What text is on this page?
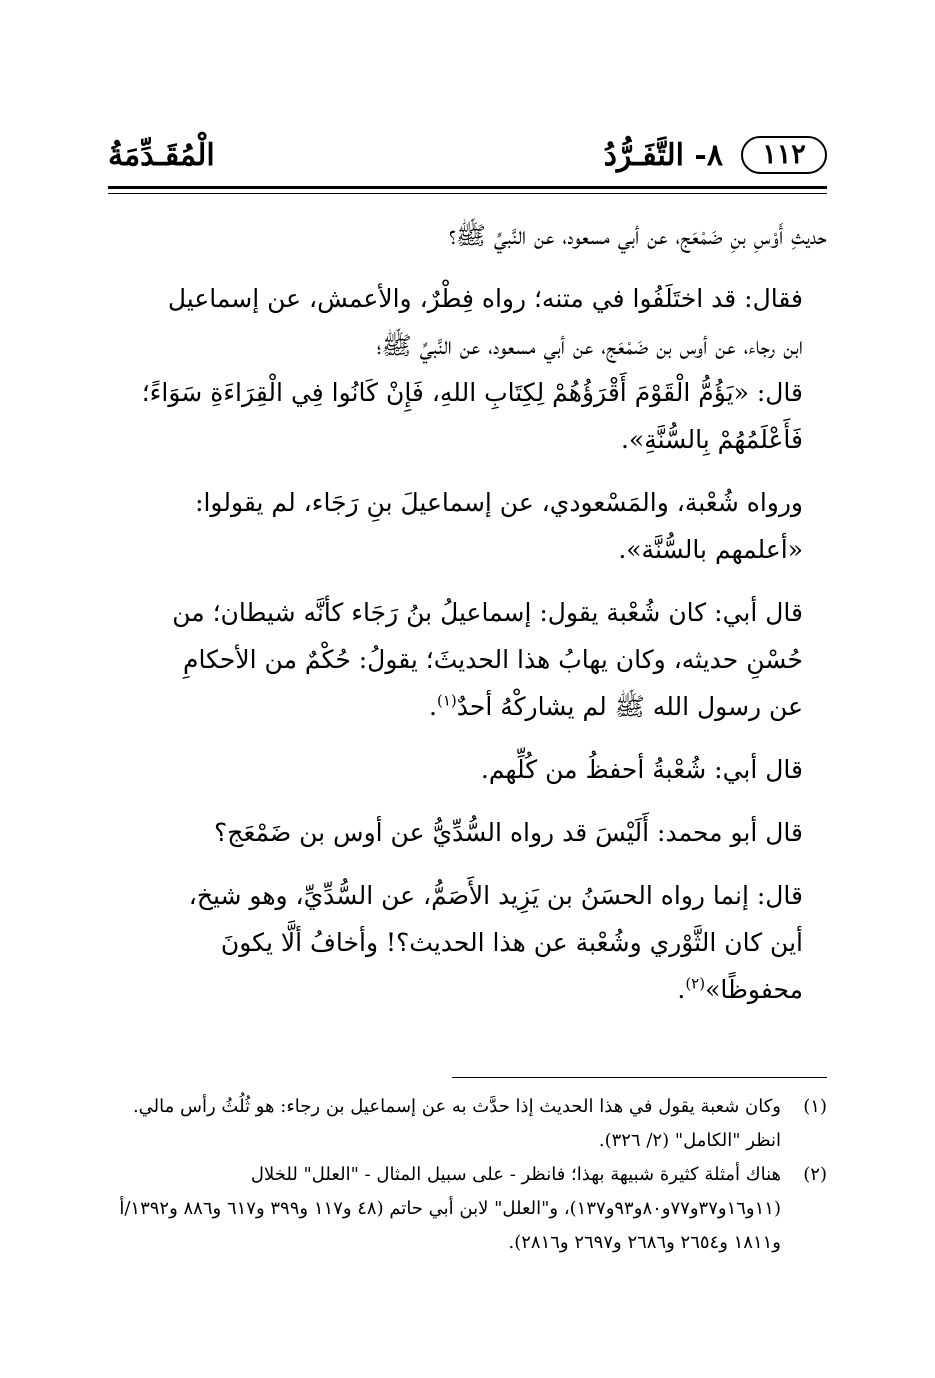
١١٢
٨- التَّفَـرُّدُ
الْمُقَـدِّمَةُ

حديثِ أَوْسِ بنِ ضَمْعَج، عن أبي مسعود، عن النَّبيِّ ﷺ؟

فقال: قد اختَلَفُوا في متنه؛ رواه فِطْرٌ، والأعمش، عن إسماعيل
ابن رجاء، عن أوس بن ضَمْعَج، عن أبي مسعود، عن النَّبيِّ ﷺ؛
قال: «يَؤُمُّ الْقَوْمَ أَقْرَؤُهُمْ لِكِتَابِ اللهِ، فَإِنْ كَانُوا فِي الْقِرَاءَةِ سَوَاءً؛
فَأَعْلَمُهُمْ بِالسُّنَّةِ».

ورواه شُعْبة، والمَسْعودي، عن إسماعيلَ بنِ رَجَاء، لم يقولوا:
«أعلمهم بالسُّنَّة».

قال أبي: كان شُعْبة يقول: إسماعيلُ بنُ رَجَاء كأنَّه شيطان؛ من
حُسْنِ حديثه، وكان يهابُ هذا الحديثَ؛ يقولُ: حُكْمٌ من الأحكامِ
عن رسول الله ﷺ لم يشاركْهُ أحدٌ$^{(١)}$.

قال أبي: شُعْبةُ أحفظُ من كُلِّهم.

قال أبو محمد: أَلَيْسَ قد رواه السُّدِّيُّ عن أوس بن ضَمْعَج؟

قال: إنما رواه الحسَنُ بن يَزِيد الأَصَمُّ، عن السُّدِّيِّ، وهو شيخ،
أين كان الثَّوْري وشُعْبة عن هذا الحديث؟! وأخافُ ألَّا يكونَ
محفوظًا»$^{(٢)}$.

(١)
وكان شعبة يقول في هذا الحديث إذا حدَّث به عن إسماعيل بن رجاء: هو ثُلُثُ رأس مالي. انظر "الكامل" (٢/ ٣٢٦).

(٢)
هناك أمثلة كثيرة شبيهة بهذا؛ فانظر - على سبيل المثال - "العلل" للخلال (١١و١٦و٣٧و٧٧و٨٠و٩٣و١٣٧)، و"العلل" لابن أبي حاتم (٤٨ و١١٧ و٣٩٩ و٦١٧ و٨٨٦ و١٣٩٢/أ و١٨١١ و٢٦٥٤ و٢٦٨٦ و٢٦٩٧ و٢٨١٦).
